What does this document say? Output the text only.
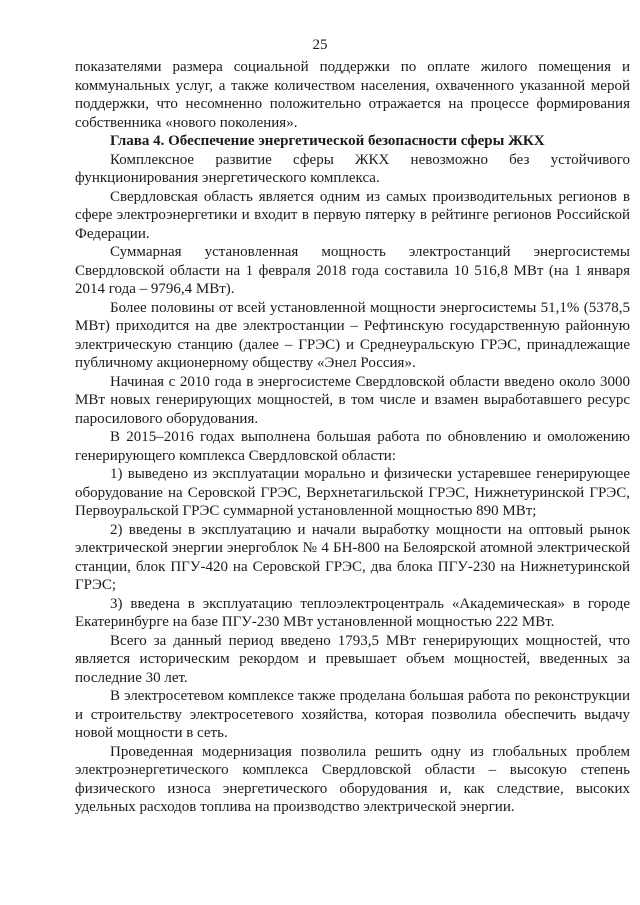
25

показателями размера социальной поддержки по оплате жилого помещения и коммунальных услуг, а также количеством населения, охваченного указанной мерой поддержки, что несомненно положительно отражается на процессе формирования собственника «нового поколения».

Глава 4. Обеспечение энергетической безопасности сферы ЖКХ

Комплексное развитие сферы ЖКХ невозможно без устойчивого функционирования энергетического комплекса.

Свердловская область является одним из самых производительных регионов в сфере электроэнергетики и входит в первую пятерку в рейтинге регионов Российской Федерации.

Суммарная установленная мощность электростанций энергосистемы Свердловской области на 1 февраля 2018 года составила 10 516,8 МВт (на 1 января 2014 года – 9796,4 МВт).

Более половины от всей установленной мощности энергосистемы 51,1% (5378,5 МВт) приходится на две электростанции – Рефтинскую государственную районную электрическую станцию (далее – ГРЭС) и Среднеуральскую ГРЭС, принадлежащие публичному акционерному обществу «Энел Россия».

Начиная с 2010 года в энергосистеме Свердловской области введено около 3000 МВт новых генерирующих мощностей, в том числе и взамен выработавшего ресурс паросилового оборудования.

В 2015–2016 годах выполнена большая работа по обновлению и омоложению генерирующего комплекса Свердловской области:

1) выведено из эксплуатации морально и физически устаревшее генерирующее оборудование на Серовской ГРЭС, Верхнетагильской ГРЭС, Нижнетуринской ГРЭС, Первоуральской ГРЭС суммарной установленной мощностью 890 МВт;

2) введены в эксплуатацию и начали выработку мощности на оптовый рынок электрической энергии энергоблок № 4 БН-800 на Белоярской атомной электрической станции, блок ПГУ-420 на Серовской ГРЭС, два блока ПГУ-230 на Нижнетуринской ГРЭС;

3) введена в эксплуатацию теплоэлектроцентраль «Академическая» в городе Екатеринбурге на базе ПГУ-230 МВт установленной мощностью 222 МВт.

Всего за данный период введено 1793,5 МВт генерирующих мощностей, что является историческим рекордом и превышает объем мощностей, введенных за последние 30 лет.

В электросетевом комплексе также проделана большая работа по реконструкции и строительству электросетевого хозяйства, которая позволила обеспечить выдачу новой мощности в сеть.

Проведенная модернизация позволила решить одну из глобальных проблем электроэнергетического комплекса Свердловской области – высокую степень физического износа энергетического оборудования и, как следствие, высоких удельных расходов топлива на производство электрической энергии.
